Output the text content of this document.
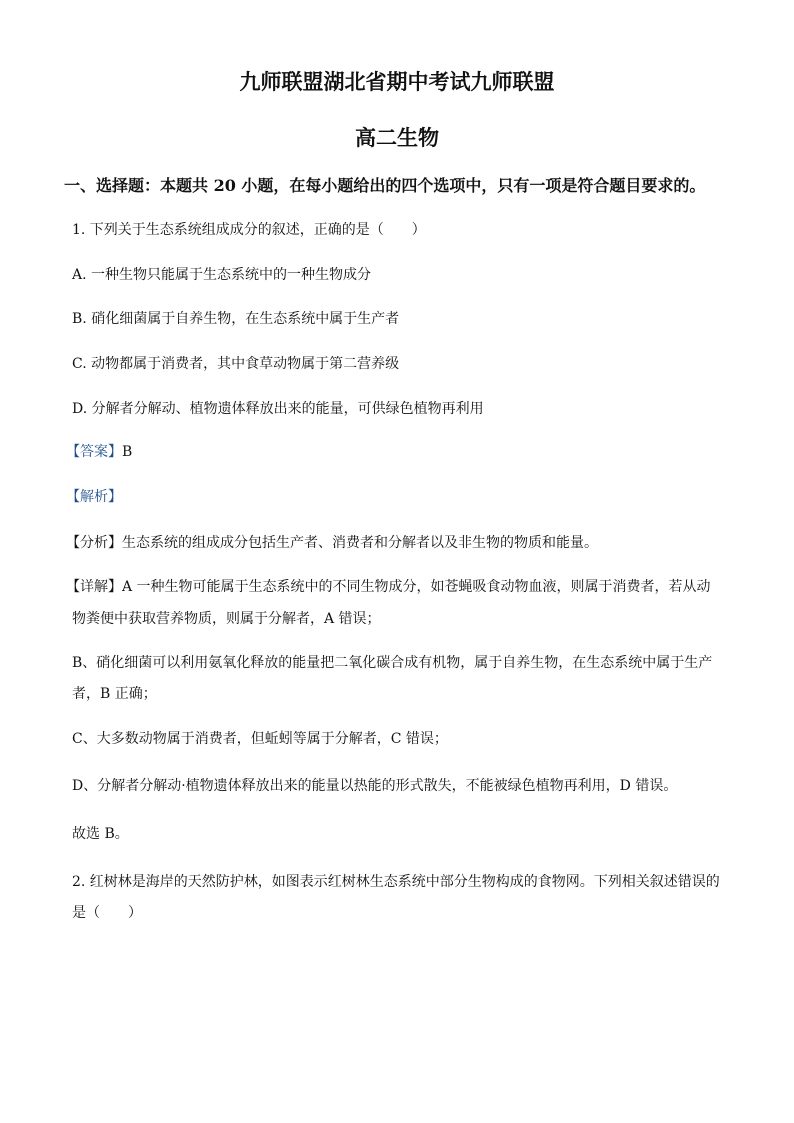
九师联盟湖北省期中考试九师联盟
高二生物
一、选择题：本题共 20 小题，在每小题给出的四个选项中，只有一项是符合题目要求的。
1. 下列关于生态系统组成成分的叙述，正确的是（　　）
A. 一种生物只能属于生态系统中的一种生物成分
B. 硝化细菌属于自养生物，在生态系统中属于生产者
C. 动物都属于消费者，其中食草动物属于第二营养级
D. 分解者分解动、植物遗体释放出来的能量，可供绿色植物再利用
【答案】B
【解析】
【分析】生态系统的组成成分包括生产者、消费者和分解者以及非生物的物质和能量。
【详解】A 一种生物可能属于生态系统中的不同生物成分，如苍蝇吸食动物血液，则属于消费者，若从动
物粪便中获取营养物质，则属于分解者，A 错误；
B、硝化细菌可以利用氨氧化释放的能量把二氧化碳合成有机物，属于自养生物，在生态系统中属于生产
者，B 正确；
C、大多数动物属于消费者，但蚯蚓等属于分解者，C 错误；
D、分解者分解动·植物遗体释放出来的能量以热能的形式散失，不能被绿色植物再利用，D 错误。
故选 B。
2. 红树林是海岸的天然防护林，如图表示红树林生态系统中部分生物构成的食物网。下列相关叙述错误的
是（　　）
